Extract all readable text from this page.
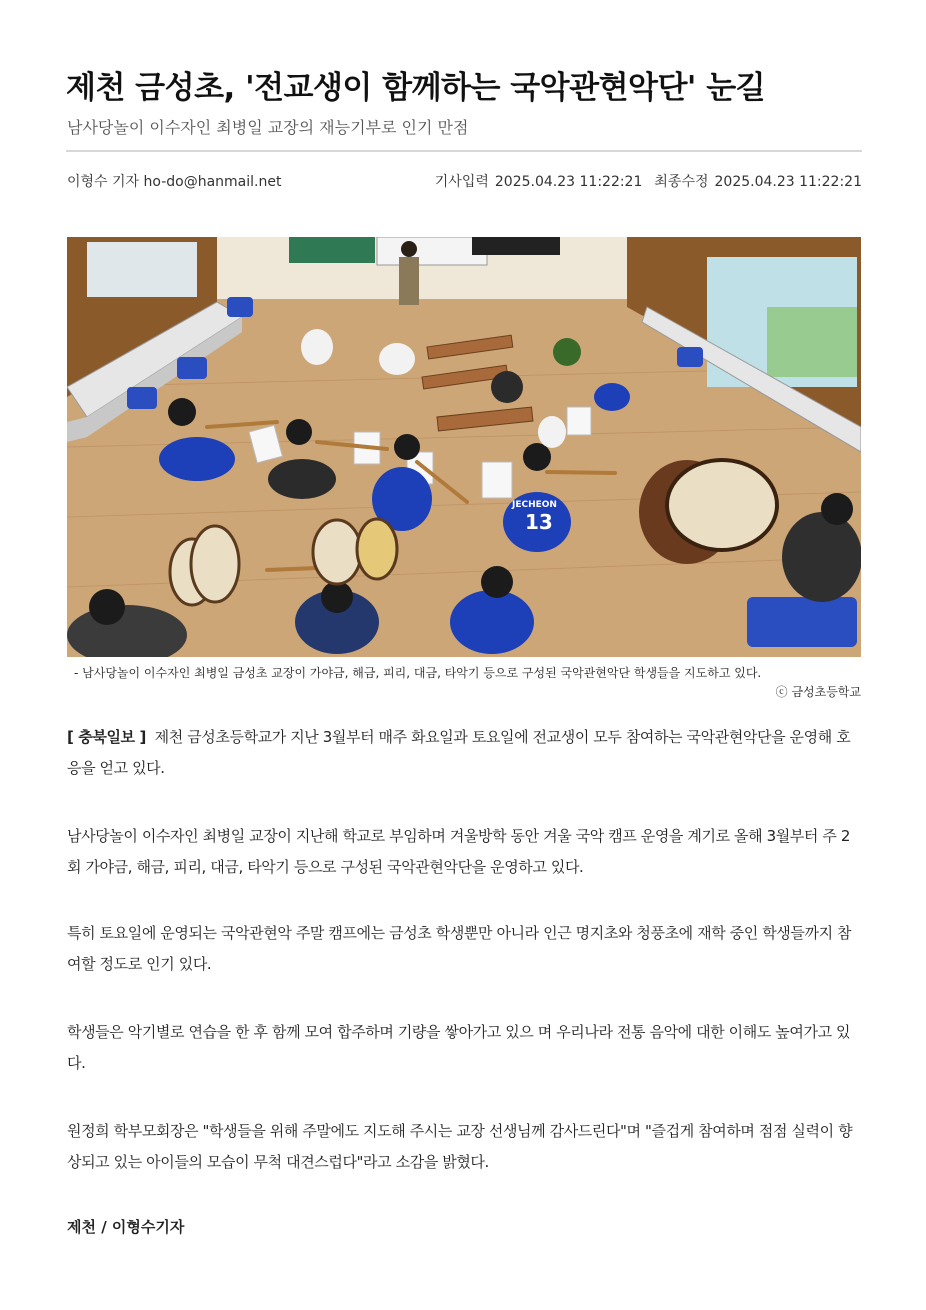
제천 금성초, '전교생이 함께하는 국악관현악단' 눈길

남사당놀이 이수자인 최병일 교장의 재능기부로 인기 만점

이형수 기자 ho-do@hanmail.net	기사입력 2025.04.23 11:22:21 최종수정 2025.04.23 11:22:21
JECHEON
13
- 남사당놀이 이수자인 최병일 금성초 교장이 가야금, 해금, 피리, 대금, 타악기 등으로 구성된 국악관현악단 학생들을 지도하고 있다.
ⓒ 금성초등학교

[ 충북일보 ] 제천 금성초등학교가 지난 3월부터 매주 화요일과 토요일에 전교생이 모두 참여하는 국악관현악단을 운영해 호응을 얻고 있다.

남사당놀이 이수자인 최병일 교장이 지난해 학교로 부임하며 겨울방학 동안 겨울 국악 캠프 운영을 계기로 올해 3월부터 주 2회 가야금, 해금, 피리, 대금, 타악기 등으로 구성된 국악관현악단을 운영하고 있다.

특히 토요일에 운영되는 국악관현악 주말 캠프에는 금성초 학생뿐만 아니라 인근 명지초와 청풍초에 재학 중인 학생들까지 참여할 정도로 인기 있다.

학생들은 악기별로 연습을 한 후 함께 모여 합주하며 기량을 쌓아가고 있으 며 우리나라 전통 음악에 대한 이해도 높여가고 있다.

원정희 학부모회장은 "학생들을 위해 주말에도 지도해 주시는 교장 선생님께 감사드린다"며 "즐겁게 참여하며 점점 실력이 향상되고 있는 아이들의 모습이 무척 대견스럽다"라고 소감을 밝혔다.

제천 / 이형수기자
